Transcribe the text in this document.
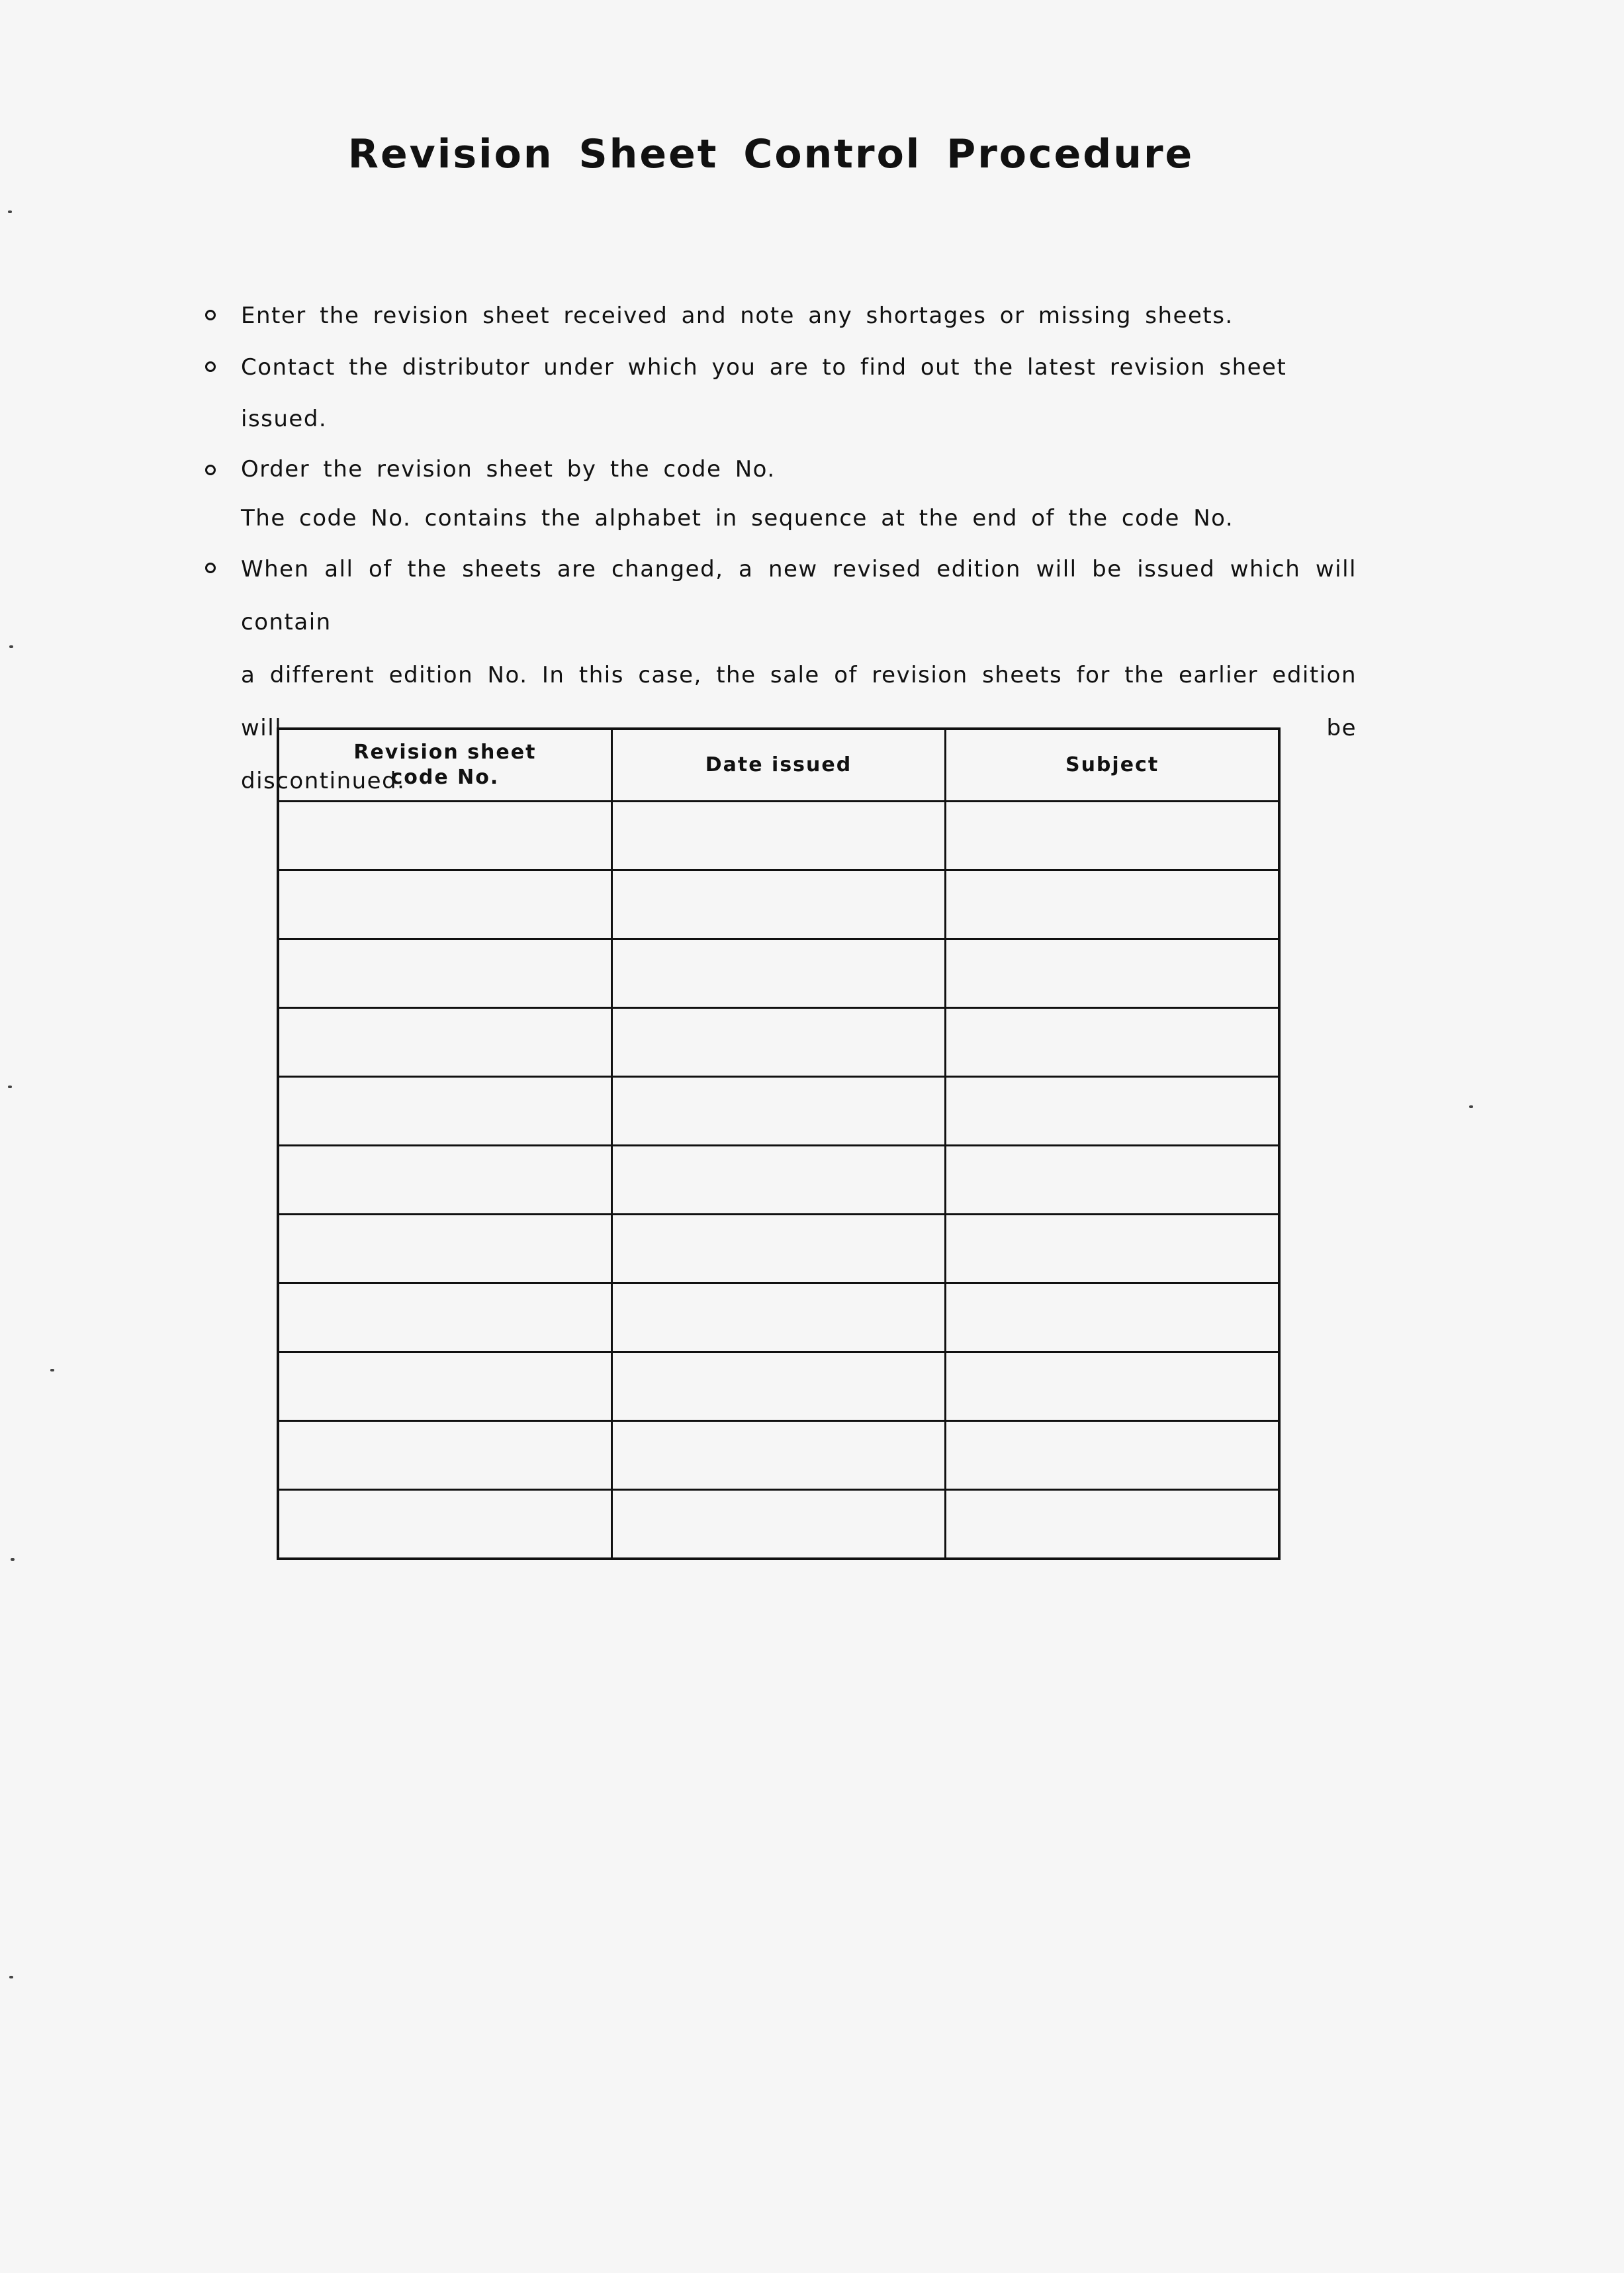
Revision Sheet Control Procedure
Enter the revision sheet received and note any shortages or missing sheets.
Contact the distributor under which you are to find out the latest revision sheet issued.
Order the revision sheet by the code No.
The code No. contains the alphabet in sequence at the end of the code No.
When all of the sheets are changed, a new revised edition will be issued which will contain
a different edition No. In this case, the sale of revision sheets for the earlier edition will be
discontinued.
Revision sheet
code No.	Date issued	Subject
